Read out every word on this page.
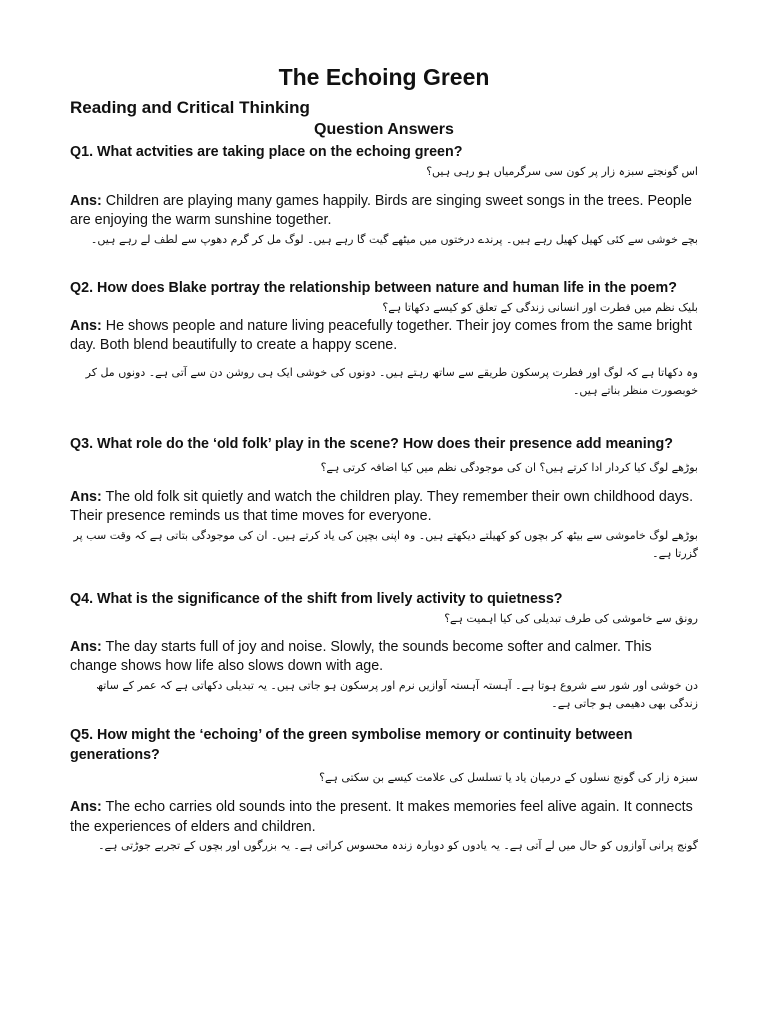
The Echoing Green
Reading and Critical Thinking
Question Answers

Q1. What actvities are taking place on the echoing green?

اس گونجتے سبزہ زار پر کون سی سرگرمیاں ہو رہی ہیں؟

Ans: Children are playing many games happily. Birds are singing sweet songs in the trees. People are enjoying the warm sunshine together.

بچے خوشی سے کئی کھیل کھیل رہے ہیں۔ پرندے درختوں میں میٹھے گیت گا رہے ہیں۔ لوگ مل کر گرم دھوپ سے لطف لے رہے ہیں۔

Q2. How does Blake portray the relationship between nature and human life in the poem?

بلیک نظم میں فطرت اور انسانی زندگی کے تعلق کو کیسے دکھاتا ہے؟

Ans: He shows people and nature living peacefully together. Their joy comes from the same bright day. Both blend beautifully to create a happy scene.

وہ دکھاتا ہے کہ لوگ اور فطرت پرسکون طریقے سے ساتھ رہتے ہیں۔ دونوں کی خوشی ایک ہی روشن دن سے آتی ہے۔ دونوں مل کر خوبصورت منظر بناتے ہیں۔

Q3. What role do the ‘old folk’ play in the scene? How does their presence add meaning?

بوڑھے لوگ کیا کردار ادا کرتے ہیں؟ ان کی موجودگی نظم میں کیا اضافہ کرتی ہے؟

Ans: The old folk sit quietly and watch the children play. They remember their own childhood days. Their presence reminds us that time moves for everyone.

بوڑھے لوگ خاموشی سے بیٹھ کر بچوں کو کھیلتے دیکھتے ہیں۔ وہ اپنی بچپن کی یاد کرتے ہیں۔ ان کی موجودگی بتاتی ہے کہ وقت سب پر گزرتا ہے۔

Q4. What is the significance of the shift from lively activity to quietness?

رونق سے خاموشی کی طرف تبدیلی کی کیا اہمیت ہے؟

Ans: The day starts full of joy and noise. Slowly, the sounds become softer and calmer. This change shows how life also slows down with age.

دن خوشی اور شور سے شروع ہوتا ہے۔ آہستہ آہستہ آوازیں نرم اور پرسکون ہو جاتی ہیں۔ یہ تبدیلی دکھاتی ہے کہ عمر کے ساتھ زندگی بھی دھیمی ہو جاتی ہے۔

Q5. How might the ‘echoing’ of the green symbolise memory or continuity between generations?

سبزہ زار کی گونج نسلوں کے درمیان یاد یا تسلسل کی علامت کیسے بن سکتی ہے؟

Ans: The echo carries old sounds into the present. It makes memories feel alive again. It connects the experiences of elders and children.

گونج پرانی آوازوں کو حال میں لے آتی ہے۔ یہ یادوں کو دوبارہ زندہ محسوس کراتی ہے۔ یہ بزرگوں اور بچوں کے تجربے جوڑتی ہے۔
